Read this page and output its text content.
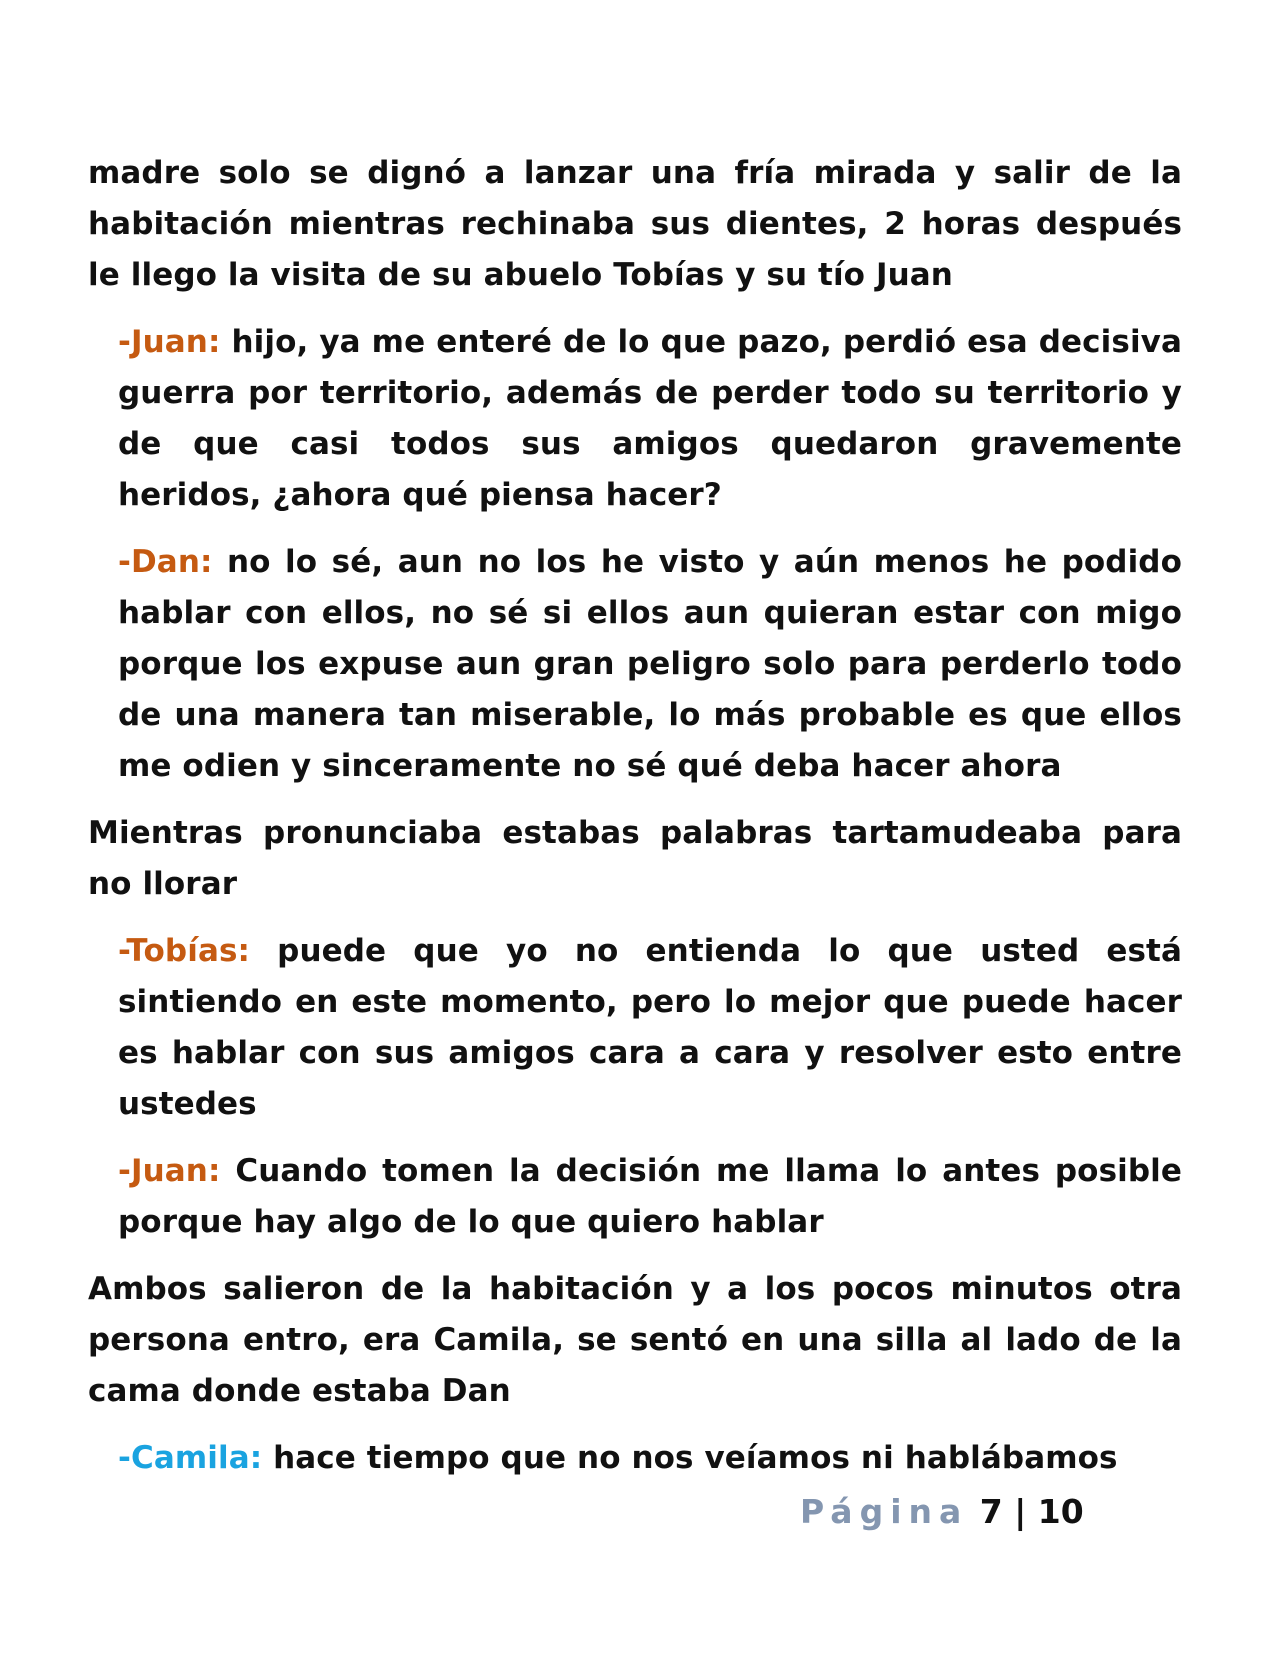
madre solo se dignó a lanzar una fría mirada y salir de la habitación mientras rechinaba sus dientes, 2 horas después le llego la visita de su abuelo Tobías y su tío Juan

-Juan: hijo, ya me enteré de lo que pazo, perdió esa decisiva guerra por territorio, además de perder todo su territorio y de que casi todos sus amigos quedaron gravemente heridos, ¿ahora qué piensa hacer?

-Dan: no lo sé, aun no los he visto y aún menos he podido hablar con ellos, no sé si ellos aun quieran estar con migo porque los expuse aun gran peligro solo para perderlo todo de una manera tan miserable, lo más probable es que ellos me odien y sinceramente no sé qué deba hacer ahora

Mientras pronunciaba estabas palabras tartamudeaba para no llorar

-Tobías: puede que yo no entienda lo que usted está sintiendo en este momento, pero lo mejor que puede hacer es hablar con sus amigos cara a cara y resolver esto entre ustedes

-Juan: Cuando tomen la decisión me llama lo antes posible porque hay algo de lo que quiero hablar

Ambos salieron de la habitación y a los pocos minutos otra persona entro, era Camila, se sentó en una silla al lado de la cama donde estaba Dan

-Camila: hace tiempo que no nos veíamos ni hablábamos

Página 7 | 10
